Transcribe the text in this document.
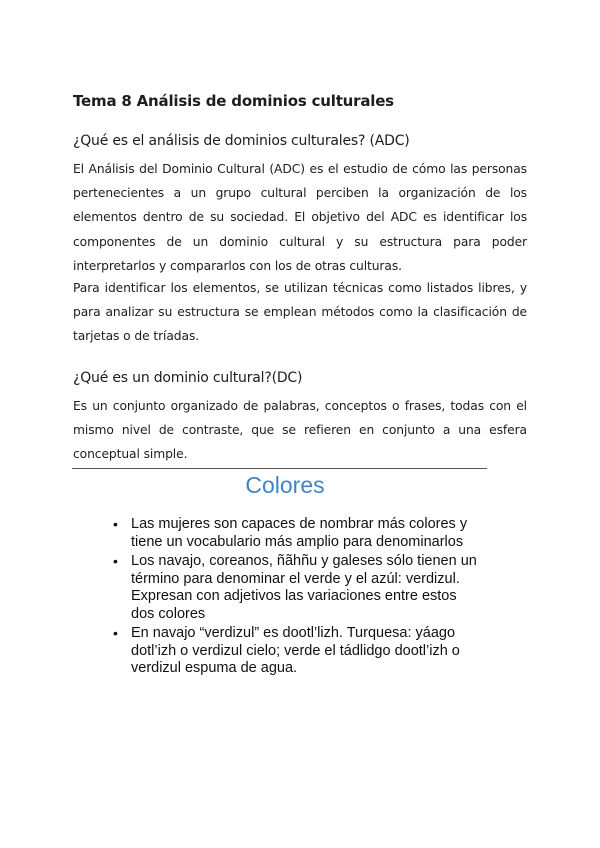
Tema 8 Análisis de dominios culturales
¿Qué es el análisis de dominios culturales? (ADC)
El Análisis del Dominio Cultural (ADC) es el estudio de cómo las personas pertenecientes a un grupo cultural perciben la organización de los elementos dentro de su sociedad. El objetivo del ADC es identificar los componentes de un dominio cultural y su estructura para poder interpretarlos y compararlos con los de otras culturas.
Para identificar los elementos, se utilizan técnicas como listados libres, y para analizar su estructura se emplean métodos como la clasificación de tarjetas o de tríadas.
¿Qué es un dominio cultural?(DC)
Es un conjunto organizado de palabras, conceptos o frases, todas con el mismo nivel de contraste, que se refieren en conjunto a una esfera conceptual simple.
Colores
• Las mujeres son capaces de nombrar más colores y tiene un vocabulario más amplio para denominarlos
• Los navajo, coreanos, ñãhñu y galeses sólo tienen un término para denominar el verde y el azúl: verdizul. Expresan con adjetivos las variaciones entre estos dos colores
• En navajo “verdizul” es dootl’lizh. Turquesa: yáago dotl’izh o verdizul cielo; verde el tádlidgo dootl’izh o verdizul espuma de agua.
